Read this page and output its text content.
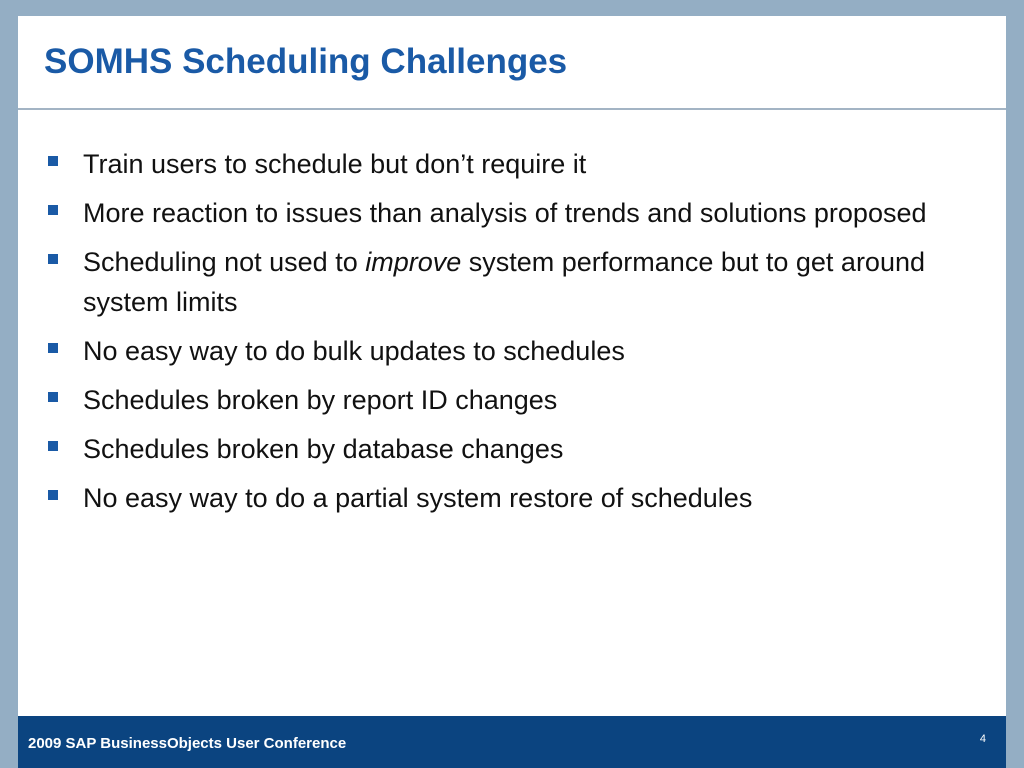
SOMHS Scheduling Challenges
Train users to schedule but don’t require it
More reaction to issues than analysis of trends and solutions proposed
Scheduling not used to improve system performance but to get around system limits
No easy way to do bulk updates to schedules
Schedules broken by report ID changes
Schedules broken by database changes
No easy way to do a partial system restore of schedules
2009 SAP BusinessObjects User Conference	4
